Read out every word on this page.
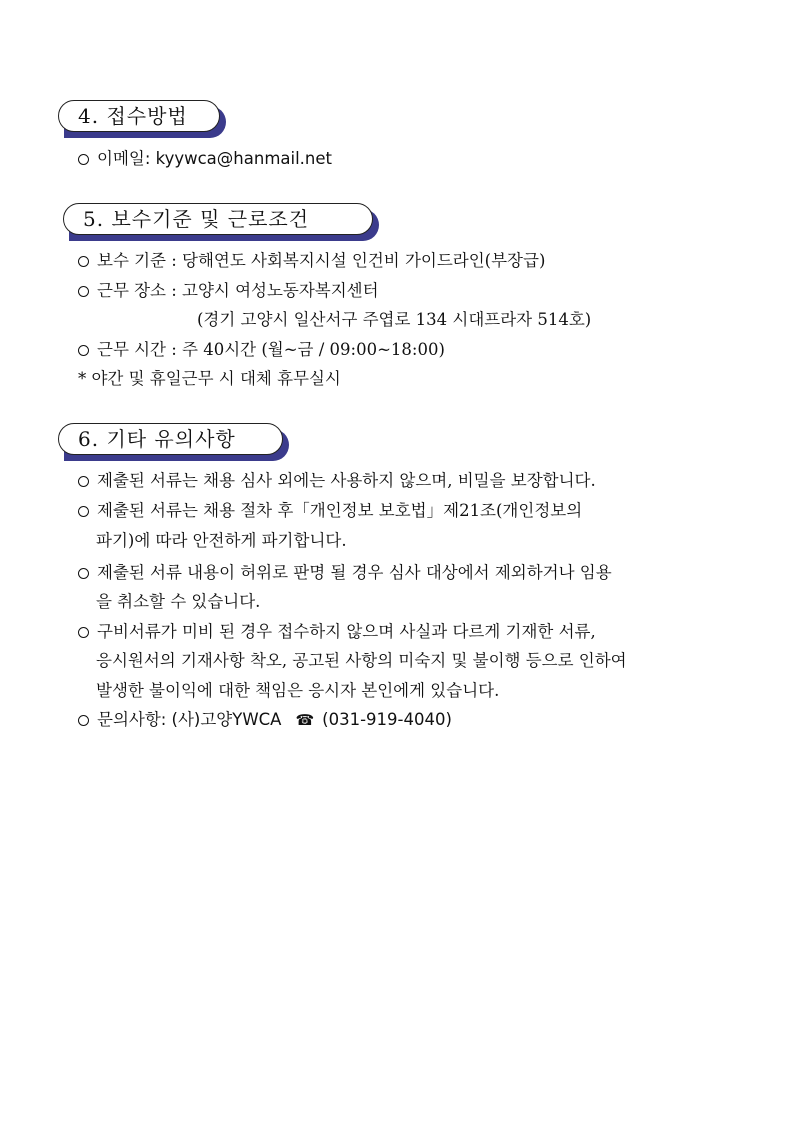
4. 접수방법
이메일: kyywca@hanmail.net
5. 보수기준 및 근로조건
보수 기준 : 당해연도 사회복지시설 인건비 가이드라인(부장급)
근무 장소 : 고양시 여성노동자복지센터
(경기 고양시 일산서구 주엽로 134 시대프라자 514호)
근무 시간 : 주 40시간 (월~금 / 09:00~18:00)
* 야간 및 휴일근무 시 대체 휴무실시
6. 기타 유의사항
제출된 서류는 채용 심사 외에는 사용하지 않으며, 비밀을 보장합니다.
제출된 서류는 채용 절차 후「개인정보 보호법」제21조(개인정보의
파기)에 따라 안전하게 파기합니다.
제출된 서류 내용이 허위로 판명 될 경우 심사 대상에서 제외하거나 임용
을 취소할 수 있습니다.
구비서류가 미비 된 경우 접수하지 않으며 사실과 다르게 기재한 서류,
응시원서의 기재사항 착오, 공고된 사항의 미숙지 및 불이행 등으로 인하여
발생한 불이익에 대한 책임은 응시자 본인에게 있습니다.
문의사항: (사)고양YWCA ☎ (031-919-4040)
